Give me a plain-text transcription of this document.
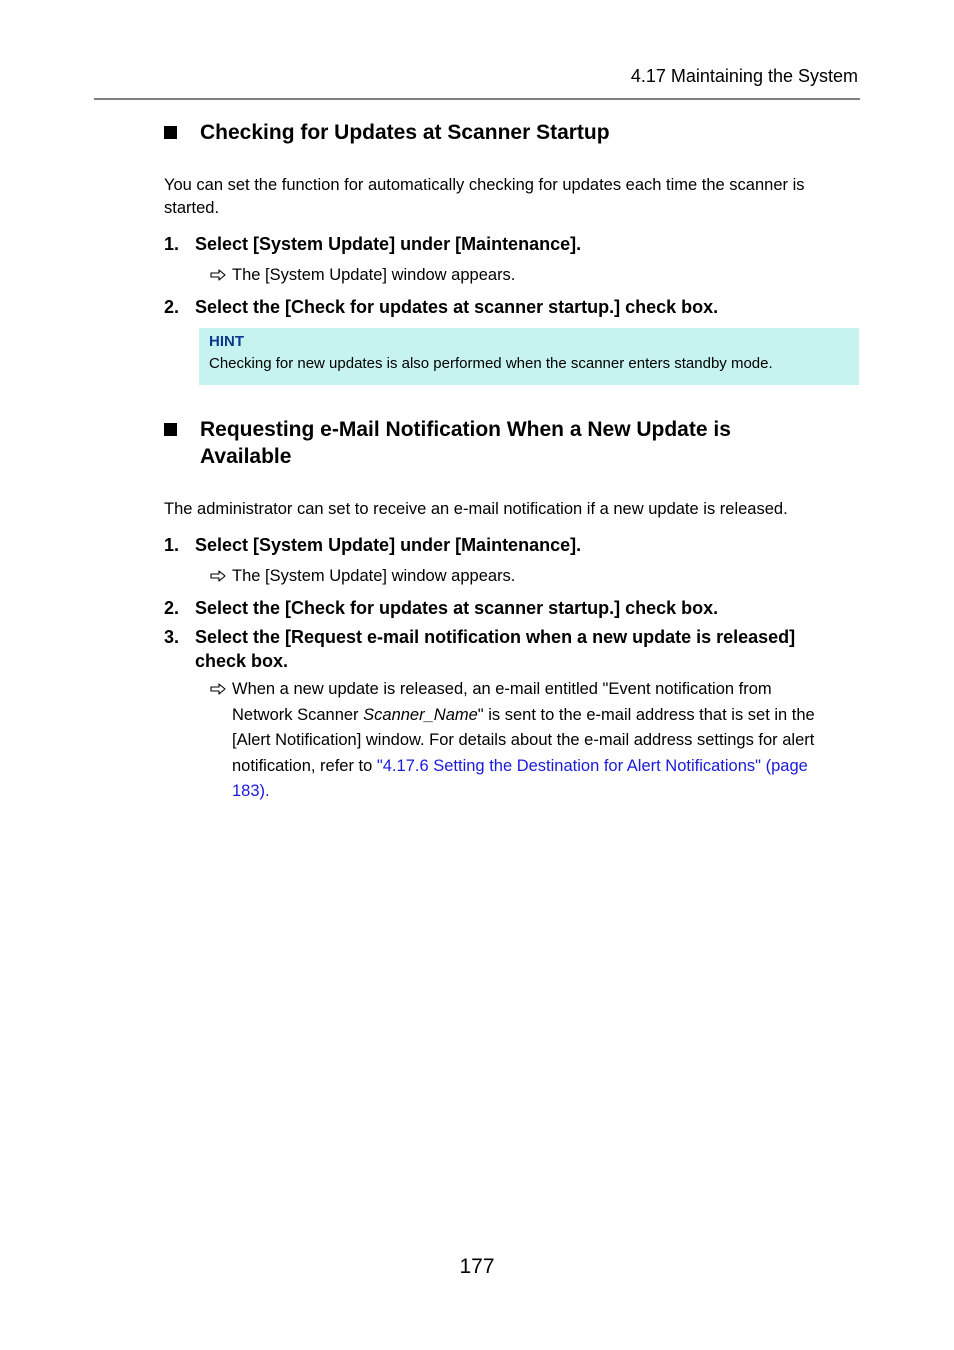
4.17 Maintaining the System
Checking for Updates at Scanner Startup
You can set the function for automatically checking for updates each time the scanner is
started.
1. Select [System Update] under [Maintenance].
The [System Update] window appears.
2. Select the [Check for updates at scanner startup.] check box.
HINT
Checking for new updates is also performed when the scanner enters standby mode.
Requesting e-Mail Notification When a New Update is
Available
The administrator can set to receive an e-mail notification if a new update is released.
1. Select [System Update] under [Maintenance].
The [System Update] window appears.
2. Select the [Check for updates at scanner startup.] check box.
3. Select the [Request e-mail notification when a new update is released]
check box.
When a new update is released, an e-mail entitled "Event notification from
Network Scanner Scanner_Name" is sent to the e-mail address that is set in the
[Alert Notification] window. For details about the e-mail address settings for alert
notification, refer to "4.17.6 Setting the Destination for Alert Notifications" (page
183).
177
